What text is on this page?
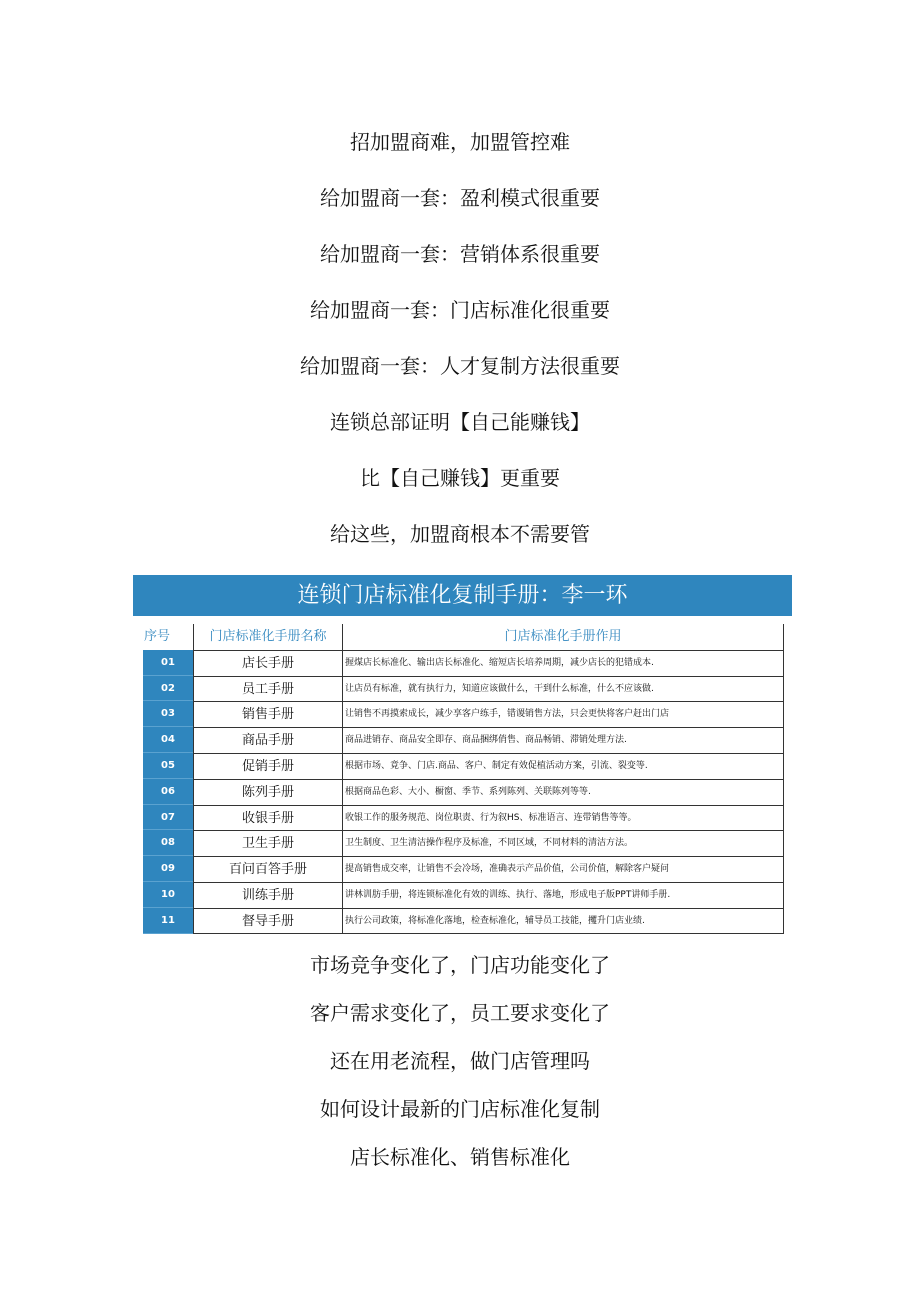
招加盟商难，加盟管控难
给加盟商一套：盈利模式很重要
给加盟商一套：营销体系很重要
给加盟商一套：门店标准化很重要
给加盟商一套：人才复制方法很重要
连锁总部证明【自己能赚钱】
比【自己赚钱】更重要
给这些，加盟商根本不需要管
连锁门店标准化复制手册：李一环
序号	门店标准化手册名称	门店标准化手册作用
01	店长手册	握煤店长标准化、输出店长标准化、缩短店长培养周期，减少店长的犯错成本.
02	员工手册	让店员有标准，就有执行力，知道应该做什么，干到什么标准，什么不应该做.
03	销售手册	让销售不再摸索成长，减少享客户练手，错谡销售方法，只会更快将客户赶出门店
04	商品手册	商品进销存、商品安全即存、商品捆绑俏售、商品畅销、滞销处理方法.
05	促销手册	根据市场、竟争、门店.商品、客户、制定有效促植活动方案，引流、裂变等.
06	陈列手册	根据商品色彩、大小、橱窗、季节、系列陈列、关联陈列等等.
07	收银手册	收银工作的服务规范、岗位职责、行为叙HS、标准语言、连带销售等等。
08	卫生手册	卫生制度、卫生清洁操作程序及标准，不同区域，不同材料的清洁方法。
09	百问百答手册	提高销售成交率，让销售不会冷场，准确表示产品价值，公司价值，解除客户疑问
10	训练手册	讲林训肪手册，将连锁标准化有效的训练、执行、落地，形成电子版PPT讲师手册.
11	督导手册	执行公司政策，将标准化落地，检查标准化，辅导员工技能，攫升门店业绩.
市场竞争变化了，门店功能变化了
客户需求变化了，员工要求变化了
还在用老流程，做门店管理吗
如何设计最新的门店标准化复制
店长标准化、销售标准化
